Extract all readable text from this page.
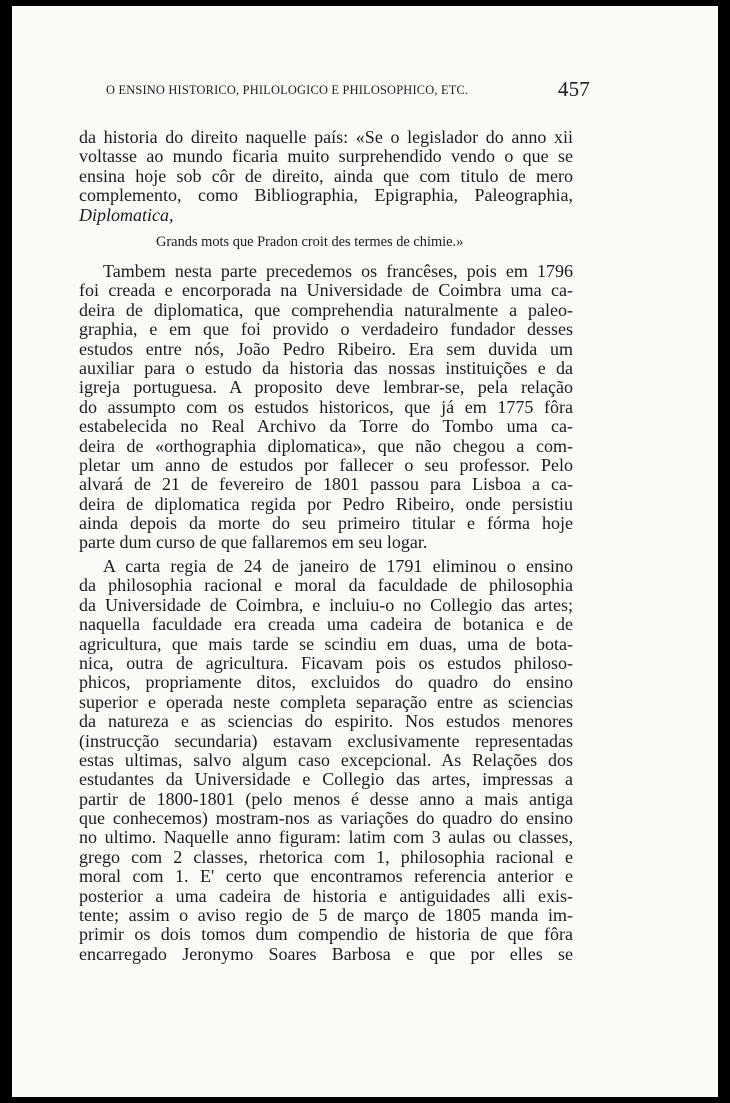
O ENSINO HISTORICO, PHILOLOGICO E PHILOSOPHICO, ETC.	457
da historia do direito naquelle país: «Se o legislador do anno xii
voltasse ao mundo ficaria muito surprehendido vendo o que se
ensina hoje sob côr de direito, ainda que com titulo de mero
complemento, como Bibliographia, Epigraphia, Paleographia,
Diplomatica,
Grands mots que Pradon croit des termes de chimie.»
Tambem nesta parte precedemos os francêses, pois em 1796
foi creada e encorporada na Universidade de Coimbra uma ca-
deira de diplomatica, que comprehendia naturalmente a paleo-
graphia, e em que foi provido o verdadeiro fundador desses
estudos entre nós, João Pedro Ribeiro. Era sem duvida um
auxiliar para o estudo da historia das nossas instituições e da
igreja portuguesa. A proposito deve lembrar-se, pela relação
do assumpto com os estudos historicos, que já em 1775 fôra
estabelecida no Real Archivo da Torre do Tombo uma ca-
deira de «orthographia diplomatica», que não chegou a com-
pletar um anno de estudos por fallecer o seu professor. Pelo
alvará de 21 de fevereiro de 1801 passou para Lisboa a ca-
deira de diplomatica regida por Pedro Ribeiro, onde persistiu
ainda depois da morte do seu primeiro titular e fórma hoje
parte dum curso de que fallaremos em seu logar.
A carta regia de 24 de janeiro de 1791 eliminou o ensino
da philosophia racional e moral da faculdade de philosophia
da Universidade de Coimbra, e incluiu-o no Collegio das artes;
naquella faculdade era creada uma cadeira de botanica e de
agricultura, que mais tarde se scindiu em duas, uma de bota-
nica, outra de agricultura. Ficavam pois os estudos philoso-
phicos, propriamente ditos, excluidos do quadro do ensino
superior e operada neste completa separação entre as sciencias
da natureza e as sciencias do espirito. Nos estudos menores
(instrucção secundaria) estavam exclusivamente representadas
estas ultimas, salvo algum caso excepcional. As Relações dos
estudantes da Universidade e Collegio das artes, impressas a
partir de 1800-1801 (pelo menos é desse anno a mais antiga
que conhecemos) mostram-nos as variações do quadro do ensino
no ultimo. Naquelle anno figuram: latim com 3 aulas ou classes,
grego com 2 classes, rhetorica com 1, philosophia racional e
moral com 1. E' certo que encontramos referencia anterior e
posterior a uma cadeira de historia e antiguidades alli exis-
tente; assim o aviso regio de 5 de março de 1805 manda im-
primir os dois tomos dum compendio de historia de que fôra
encarregado Jeronymo Soares Barbosa e que por elles se
